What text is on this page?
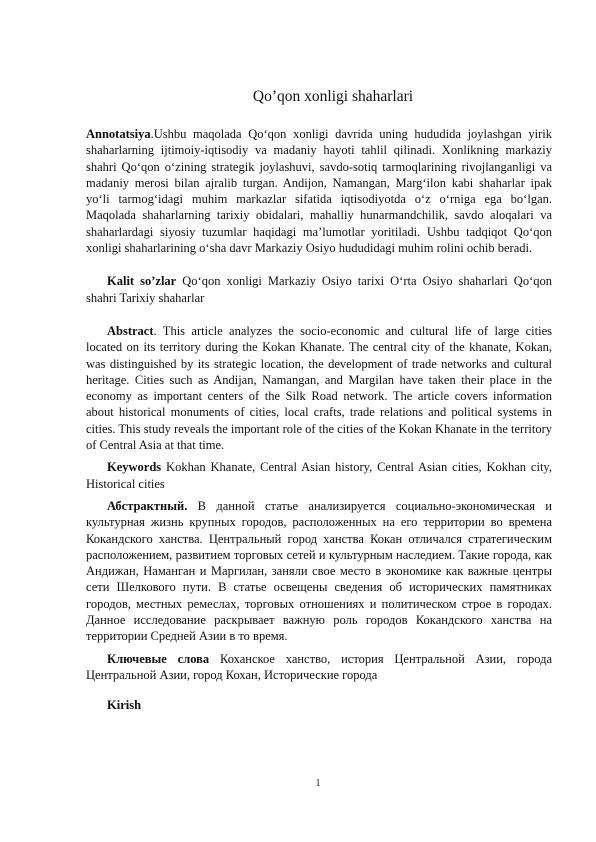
Qo’qon xonligi shaharlari

Annotatsiya.Ushbu maqolada Qo‘qon xonligi davrida uning hududida joylashgan yirik shaharlarning ijtimoiy-iqtisodiy va madaniy hayoti tahlil qilinadi. Xonlikning markaziy shahri Qo‘qon o‘zining strategik joylashuvi, savdo-sotiq tarmoqlarining rivojlanganligi va madaniy merosi bilan ajralib turgan. Andijon, Namangan, Marg‘ilon kabi shaharlar ipak yo‘li tarmog‘idagi muhim markazlar sifatida iqtisodiyotda o‘z o‘rniga ega bo‘lgan. Maqolada shaharlarning tarixiy obidalari, mahalliy hunarmandchilik, savdo aloqalari va shaharlardagi siyosiy tuzumlar haqidagi ma’lumotlar yoritiladi. Ushbu tadqiqot Qo‘qon xonligi shaharlarining o‘sha davr Markaziy Osiyo hududidagi muhim rolini ochib beradi.

Kalit so’zlar Qo‘qon xonligi Markaziy Osiyo tarixi O‘rta Osiyo shaharlari Qo‘qon shahri Tarixiy shaharlar

Abstract. This article analyzes the socio-economic and cultural life of large cities located on its territory during the Kokan Khanate. The central city of the khanate, Kokan, was distinguished by its strategic location, the development of trade networks and cultural heritage. Cities such as Andijan, Namangan, and Margilan have taken their place in the economy as important centers of the Silk Road network. The article covers information about historical monuments of cities, local crafts, trade relations and political systems in cities. This study reveals the important role of the cities of the Kokan Khanate in the territory of Central Asia at that time.

Keywords Kokhan Khanate, Central Asian history, Central Asian cities, Kokhan city, Historical cities

Абстрактный. В данной статье анализируется социально-экономическая и культурная жизнь крупных городов, расположенных на его территории во времена Кокандского ханства. Центральный город ханства Кокан отличался стратегическим расположением, развитием торговых сетей и культурным наследием. Такие города, как Андижан, Наманган и Маргилан, заняли свое место в экономике как важные центры сети Шелкового пути. В статье освещены сведения об исторических памятниках городов, местных ремеслах, торговых отношениях и политическом строе в городах. Данное исследование раскрывает важную роль городов Кокандского ханства на территории Средней Азии в то время.

Ключевые слова Коханское ханство, история Центральной Азии, города Центральной Азии, город Кохан, Исторические города

Kirish

1
